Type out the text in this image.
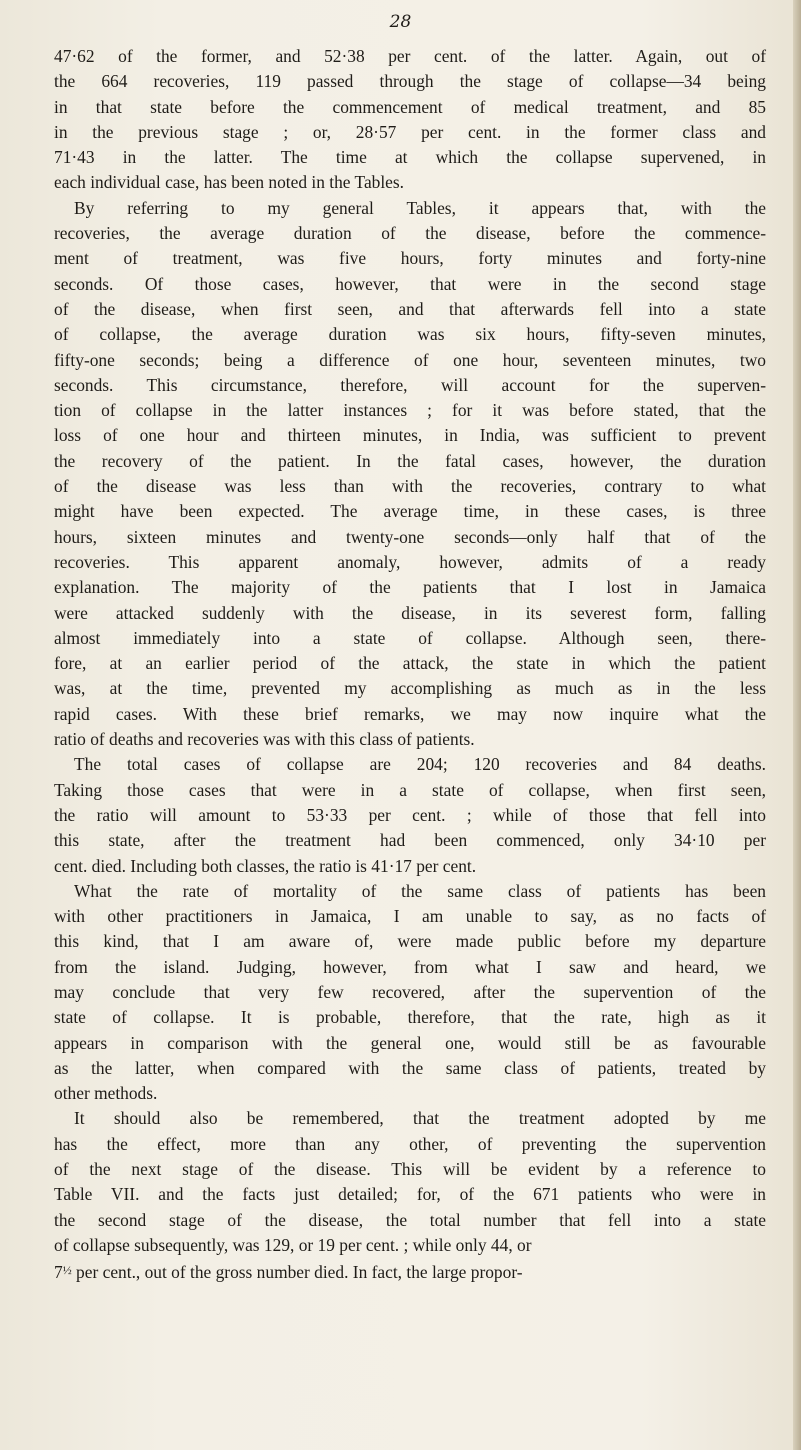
28
47·62 of the former, and 52·38 per cent. of the latter. Again, out of
the 664 recoveries, 119 passed through the stage of collapse—34 being
in that state before the commencement of medical treatment, and 85
in the previous stage ; or, 28·57 per cent. in the former class and
71·43 in the latter. The time at which the collapse supervened, in
each individual case, has been noted in the Tables.
By referring to my general Tables, it appears that, with the
recoveries, the average duration of the disease, before the commence-
ment of treatment, was five hours, forty minutes and forty-nine
seconds. Of those cases, however, that were in the second stage
of the disease, when first seen, and that afterwards fell into a state
of collapse, the average duration was six hours, fifty-seven minutes,
fifty-one seconds; being a difference of one hour, seventeen minutes, two
seconds. This circumstance, therefore, will account for the superven-
tion of collapse in the latter instances ; for it was before stated, that the
loss of one hour and thirteen minutes, in India, was sufficient to prevent
the recovery of the patient. In the fatal cases, however, the duration
of the disease was less than with the recoveries, contrary to what
might have been expected. The average time, in these cases, is three
hours, sixteen minutes and twenty-one seconds—only half that of the
recoveries. This apparent anomaly, however, admits of a ready
explanation. The majority of the patients that I lost in Jamaica
were attacked suddenly with the disease, in its severest form, falling
almost immediately into a state of collapse. Although seen, there-
fore, at an earlier period of the attack, the state in which the patient
was, at the time, prevented my accomplishing as much as in the less
rapid cases. With these brief remarks, we may now inquire what the
ratio of deaths and recoveries was with this class of patients.
The total cases of collapse are 204; 120 recoveries and 84 deaths.
Taking those cases that were in a state of collapse, when first seen,
the ratio will amount to 53·33 per cent. ; while of those that fell into
this state, after the treatment had been commenced, only 34·10 per
cent. died. Including both classes, the ratio is 41·17 per cent.
What the rate of mortality of the same class of patients has been
with other practitioners in Jamaica, I am unable to say, as no facts of
this kind, that I am aware of, were made public before my departure
from the island. Judging, however, from what I saw and heard, we
may conclude that very few recovered, after the supervention of the
state of collapse. It is probable, therefore, that the rate, high as it
appears in comparison with the general one, would still be as favourable
as the latter, when compared with the same class of patients, treated by
other methods.
It should also be remembered, that the treatment adopted by me
has the effect, more than any other, of preventing the supervention
of the next stage of the disease. This will be evident by a reference to
Table VII. and the facts just detailed; for, of the 671 patients who were in
the second stage of the disease, the total number that fell into a state
of collapse subsequently, was 129, or 19 per cent. ; while only 44, or
$7^{\frac{1}{2}}$ per cent., out of the gross number died. In fact, the large propor-
